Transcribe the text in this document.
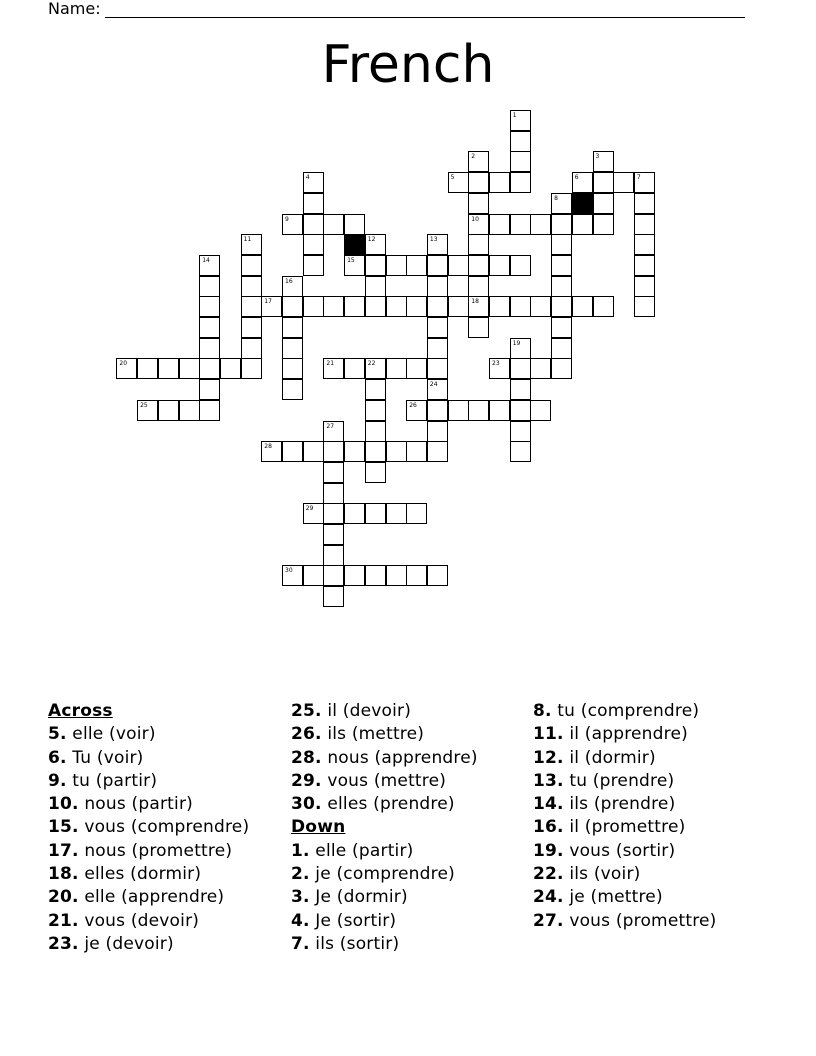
Name:
French
1
2
10
18
3
4	5	6	7
8
9
11	12	13
14	15
16
17
19
20	21	22	23
24
25	26
27
28
29
30
Across
5. elle (voir)
6. Tu (voir)
9. tu (partir)
10. nous (partir)
15. vous (comprendre)
17. nous (promettre)
18. elles (dormir)
20. elle (apprendre)
21. vous (devoir)
23. je (devoir)
25. il (devoir)
26. ils (mettre)
28. nous (apprendre)
29. vous (mettre)
30. elles (prendre)
Down
1. elle (partir)
2. je (comprendre)
3. Je (dormir)
4. Je (sortir)
7. ils (sortir)
8. tu (comprendre)
11. il (apprendre)
12. il (dormir)
13. tu (prendre)
14. ils (prendre)
16. il (promettre)
19. vous (sortir)
22. ils (voir)
24. je (mettre)
27. vous (promettre)
